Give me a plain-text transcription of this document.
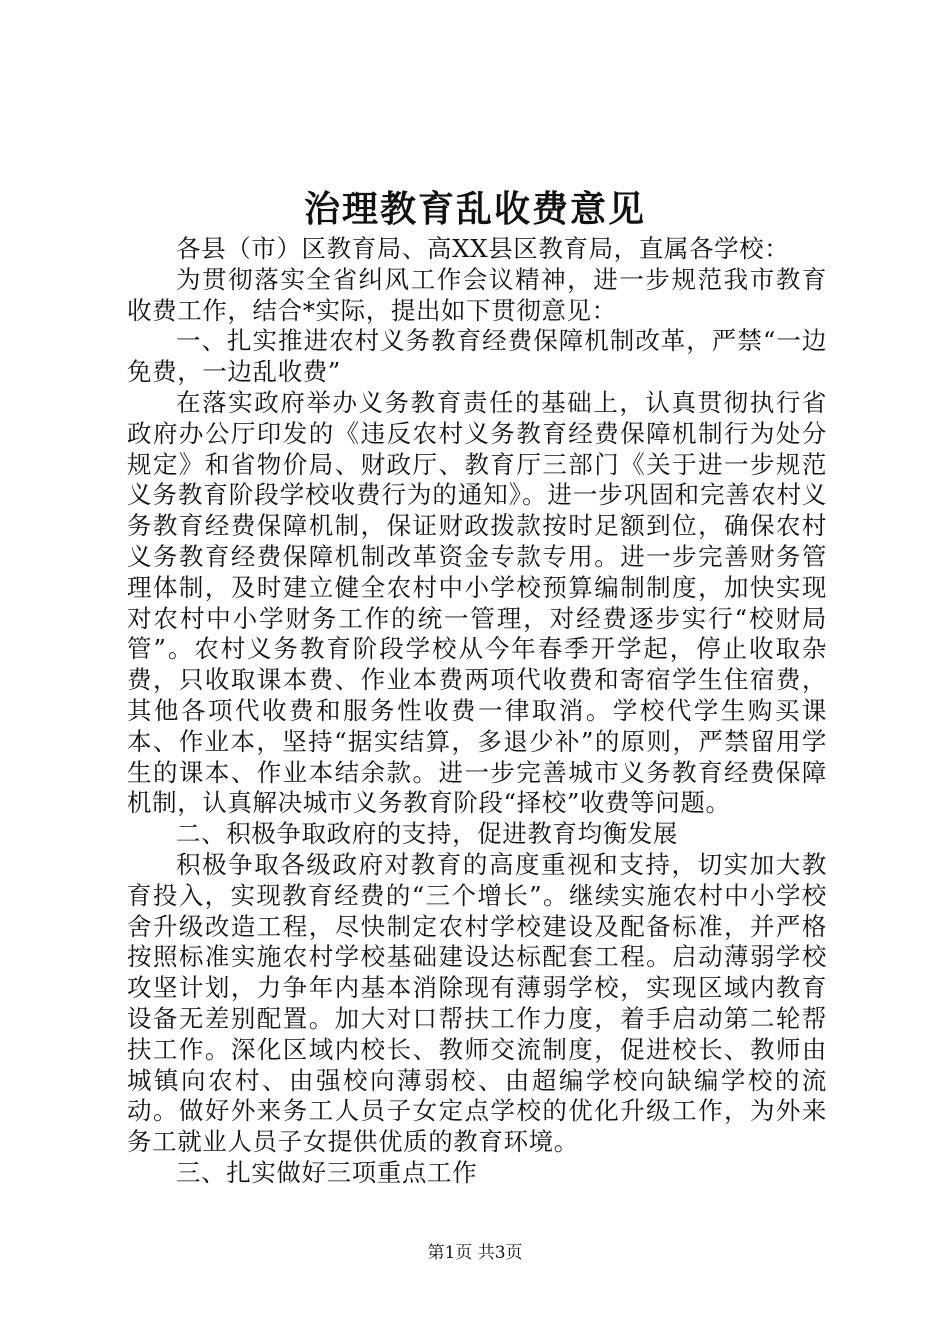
治理教育乱收费意见

各县（市）区教育局、高XX县区教育局，直属各学校：

为贯彻落实全省纠风工作会议精神，进一步规范我市教育收费工作，结合*实际，提出如下贯彻意见：

一、扎实推进农村义务教育经费保障机制改革，严禁“一边免费，一边乱收费”

在落实政府举办义务教育责任的基础上，认真贯彻执行省政府办公厅印发的《违反农村义务教育经费保障机制行为处分规定》和省物价局、财政厅、教育厅三部门《关于进一步规范义务教育阶段学校收费行为的通知》。进一步巩固和完善农村义务教育经费保障机制，保证财政拨款按时足额到位，确保农村义务教育经费保障机制改革资金专款专用。进一步完善财务管理体制，及时建立健全农村中小学校预算编制制度，加快实现对农村中小学财务工作的统一管理，对经费逐步实行“校财局管”。农村义务教育阶段学校从今年春季开学起，停止收取杂费，只收取课本费、作业本费两项代收费和寄宿学生住宿费，其他各项代收费和服务性收费一律取消。学校代学生购买课本、作业本，坚持“据实结算，多退少补”的原则，严禁留用学生的课本、作业本结余款。进一步完善城市义务教育经费保障机制，认真解决城市义务教育阶段“择校”收费等问题。

二、积极争取政府的支持，促进教育均衡发展

积极争取各级政府对教育的高度重视和支持，切实加大教育投入，实现教育经费的“三个增长”。继续实施农村中小学校舍升级改造工程，尽快制定农村学校建设及配备标准，并严格按照标准实施农村学校基础建设达标配套工程。启动薄弱学校攻坚计划，力争年内基本消除现有薄弱学校，实现区域内教育设备无差别配置。加大对口帮扶工作力度，着手启动第二轮帮扶工作。深化区域内校长、教师交流制度，促进校长、教师由城镇向农村、由强校向薄弱校、由超编学校向缺编学校的流动。做好外来务工人员子女定点学校的优化升级工作，为外来务工就业人员子女提供优质的教育环境。

三、扎实做好三项重点工作

第1页 共3页
